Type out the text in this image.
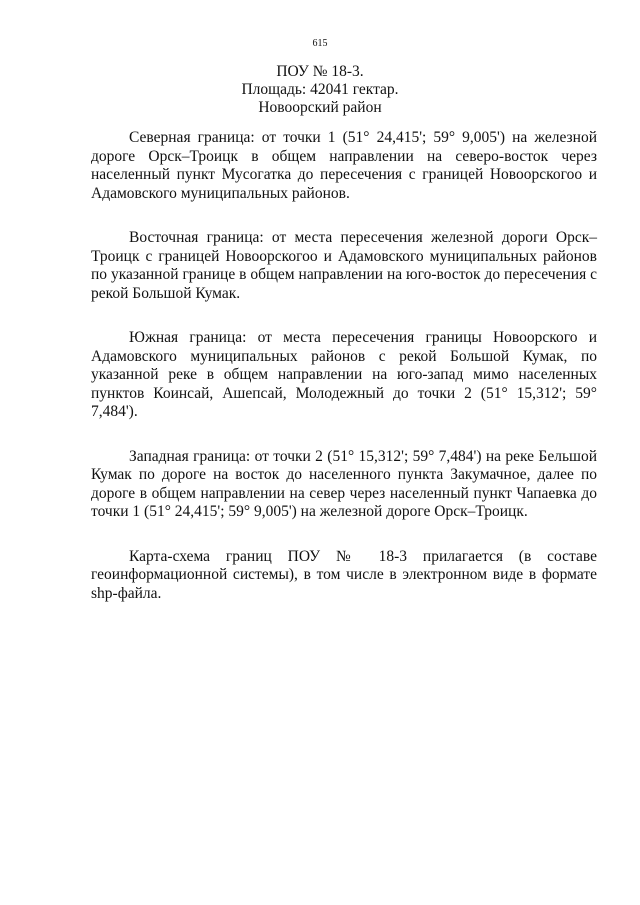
615
ПОУ № 18-3.
Площадь: 42041 гектар.
Новоорский район

Северная граница: от точки 1 (51° 24,415'; 59° 9,005') на железной дороге Орск–Троицк в общем направлении на северо-восток через населенный пункт Мусогатка до пересечения с границей Новоорскогоо и Адамовского муниципальных районов.

Восточная граница: от места пересечения железной дороги Орск–Троицк с границей Новоорскогоо и Адамовского муниципальных районов по указанной границе в общем направлении на юго-восток до пересечения с рекой Большой Кумак.

Южная граница: от места пересечения границы Новоорского и Адамовского муниципальных районов с рекой Большой Кумак, по указанной реке в общем направлении на юго-запад мимо населенных пунктов Коинсай, Ашепсай, Молодежный до точки 2 (51° 15,312'; 59° 7,484').

Западная граница: от точки 2 (51° 15,312'; 59° 7,484') на реке Бельшой Кумак по дороге на восток до населенного пункта Закумачное, далее по дороге в общем направлении на север через населенный пункт Чапаевка до точки 1 (51° 24,415'; 59° 9,005') на железной дороге Орск–Троицк.

Карта-схема границ ПОУ № 18-3 прилагается (в составе геоинформационной системы), в том числе в электронном виде в формате shp-файла.
